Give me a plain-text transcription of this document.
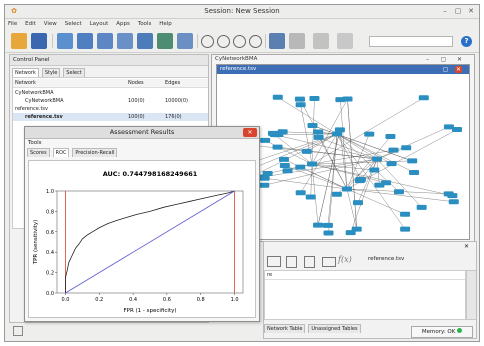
✿	Session: New Session	–	▢ ✕
File Edit View Select Layout Apps Tools Help
?
Control Panel
Network Style Select
Network	Nodes	Edges
CyNetworkBMA
CyNetworkBMA	100(0)	10000(0)
reference.tsv
reference.tsv	100(0)	176(0)
CyNetworkBMA	–	▢ ✕
reference.tsv	▢ ✕
✕
f(x)	reference.tsv
re
Network Table Unassigned Tables	Memory: OK
Assessment Results	✕
Tools
Scores ROC Precision-Recall
AUC: 0.744798168249661
0.0	0.2	0.4	0.6	0.8	1.0
0.0
0.2
0.4
0.6
0.8
1.0
FPR (1 - specificity)
TPR (sensitivity)
